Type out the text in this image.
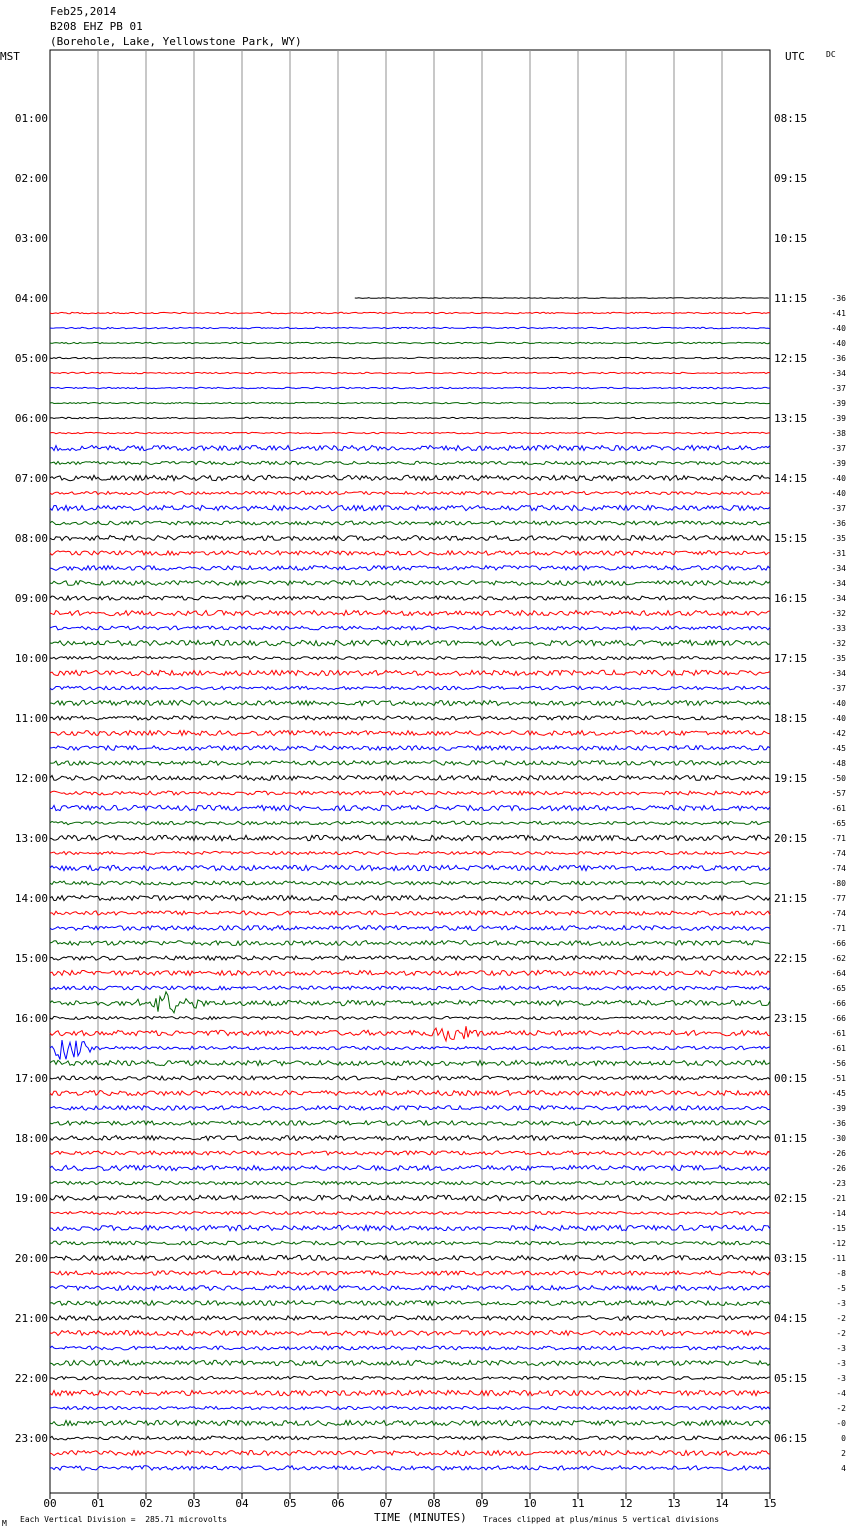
Feb25,2014
B208 EHZ PB 01
(Borehole, Lake, Yellowstone Park, WY)
MST	UTC	DC
00	01	02	03	04	05	06	07	08	09	10	11	12	13	14	15
01:00
02:00
03:00
04:00
05:00
06:00
07:00
08:00
09:00
10:00
11:00
12:00
13:00
14:00
15:00
16:00
17:00
18:00
19:00
20:00
21:00
22:00
23:00
08:15
09:15
10:15
11:15
12:15
13:15
14:15
15:15
16:15
17:15
18:15
19:15
20:15
21:15
22:15
23:15
00:15
01:15
02:15
03:15
04:15
05:15
06:15
-36
-41
-40
-40
-36
-34
-37
-39
-39
-38
-37
-39
-40
-40
-37
-36
-35
-31
-34
-34
-34
-32
-33
-32
-35
-34
-37
-40
-40
-42
-45
-48
-50
-57
-61
-65
-71
-74
-74
-80
-77
-74
-71
-66
-62
-64
-65
-66
-66
-61
-61
-56
-51
-45
-39
-36
-30
-26
-26
-23
-21
-14
-15
-12
-11
-8
-5
-3
-2
-2
-3
-3
-3
-4
-2
-0
0
2
4
TIME (MINUTES)
Each Vertical Division =  285.71 microvolts	Traces clipped at plus/minus 5 vertical divisions
M
